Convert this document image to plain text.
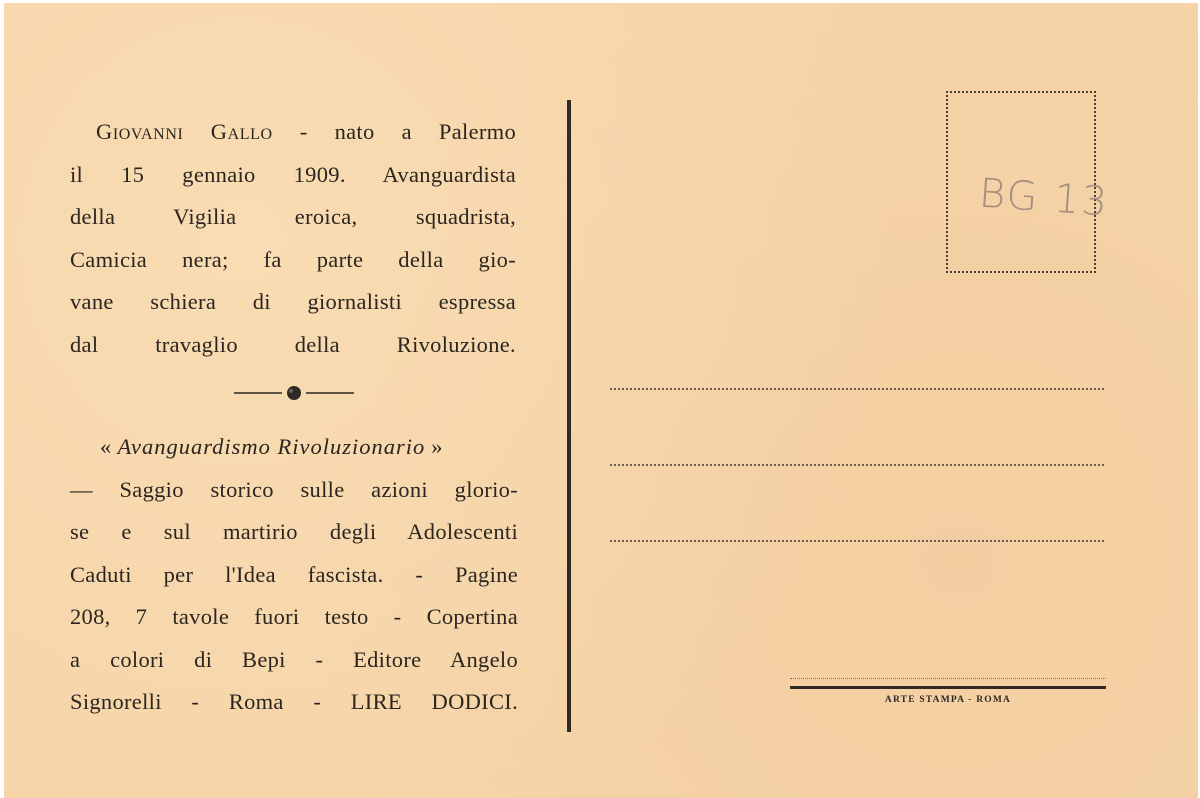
Giovanni Gallo - nato a Palermo
il 15 gennaio 1909. Avanguardista
della Vigilia eroica, squadrista,
Camicia nera; fa parte della gio-
vane schiera di giornalisti espressa
dal travaglio della Rivoluzione.
« Avanguardismo Rivoluzionario »
— Saggio storico sulle azioni glorio-
se e sul martirio degli Adolescenti
Caduti per l'Idea fascista. - Pagine
208, 7 tavole fuori testo - Copertina
a colori di Bepi - Editore Angelo
Signorelli - Roma - LIRE DODICI.
BG 13
ARTE STAMPA - ROMA
